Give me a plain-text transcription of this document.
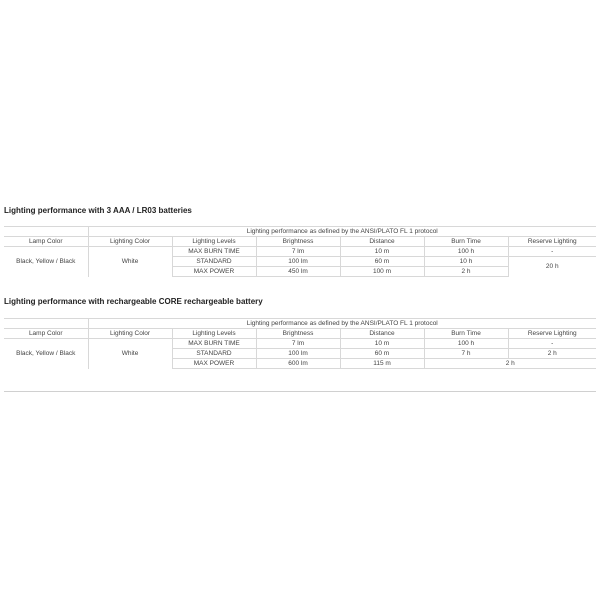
Lighting performance with 3 AAA / LR03 batteries
	Lighting performance as defined by the ANSI/PLATO FL 1 protocol					
Lamp Color	Lighting Color	Lighting Levels	Brightness	Distance	Burn Time	Reserve Lighting
Black, Yellow / Black	White	MAX BURN TIME	7 lm	10 m	100 h	-
		STANDARD	100 lm	60 m	10 h	20 h
		MAX POWER	450 lm	100 m	2 h	
Lighting performance with rechargeable CORE rechargeable battery
	Lighting performance as defined by the ANSI/PLATO FL 1 protocol					
Lamp Color	Lighting Color	Lighting Levels	Brightness	Distance	Burn Time	Reserve Lighting
Black, Yellow / Black	White	MAX BURN TIME	7 lm	10 m	100 h	-
		STANDARD	100 lm	60 m	7 h	2 h
		MAX POWER	600 lm	115 m	2 h	
